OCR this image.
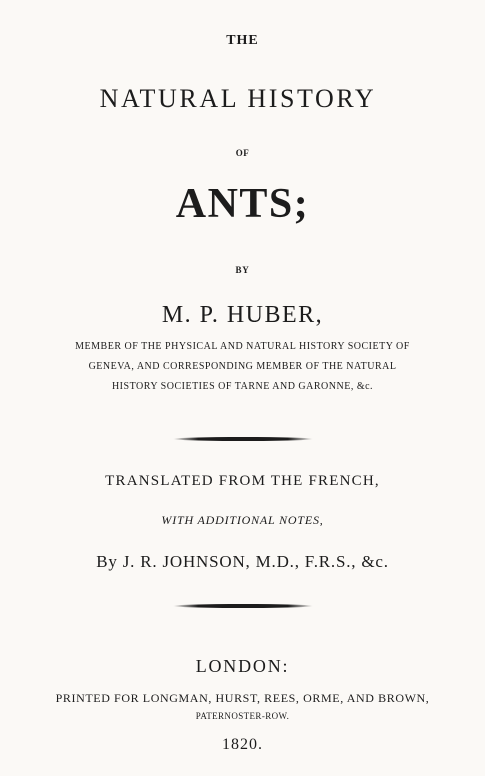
THE
NATURAL HISTORY
OF
ANTS;
BY
M. P. HUBER,
MEMBER OF THE PHYSICAL AND NATURAL HISTORY SOCIETY OF
GENEVA, AND CORRESPONDING MEMBER OF THE NATURAL
HISTORY SOCIETIES OF TARNE AND GARONNE, &c.
TRANSLATED FROM THE FRENCH,
WITH ADDITIONAL NOTES,
By J. R. JOHNSON, M.D., F.R.S., &c.
LONDON:
PRINTED FOR LONGMAN, HURST, REES, ORME, AND BROWN,
PATERNOSTER-ROW.
1820.
